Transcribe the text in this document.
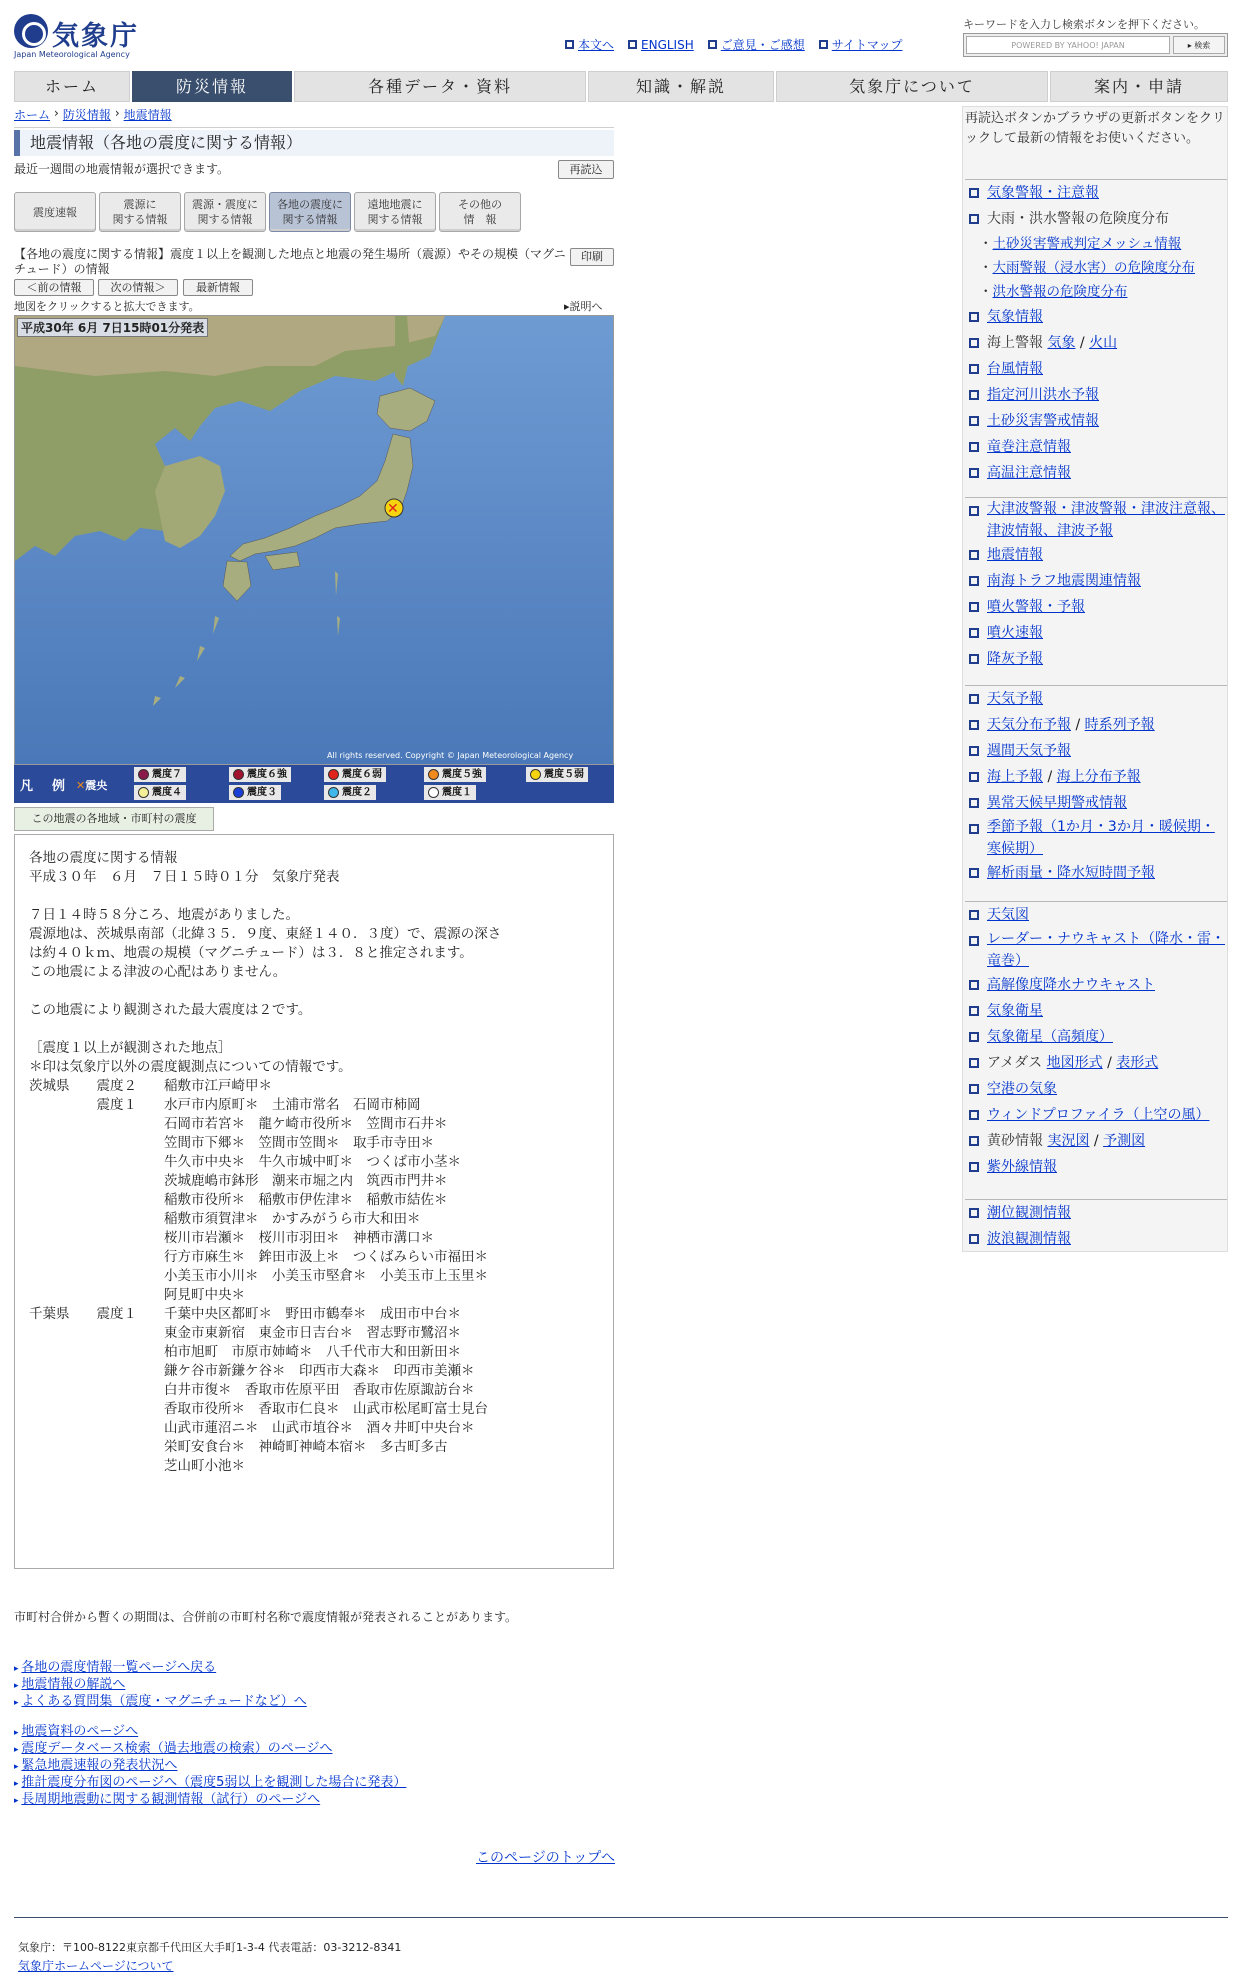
気象庁
Japan Meteorological Agency
本文へ ENGLISH ご意見・ご感想 サイトマップ
キーワードを入力し検索ボタンを押下ください。
POWERED BY YAHOO! JAPAN	▸ 検索
ホーム	防災情報	各種データ・資料	知識・解説	気象庁について	案内・申請
ホーム › 防災情報 › 地震情報
地震情報（各地の震度に関する情報）
最近一週間の地震情報が選択できます。	再読込
震度速報

震源に
関する情報
震源・震度に
関する情報
各地の震度に
関する情報
遠地地震に
関する情報
その他の
情　報
【各地の震度に関する情報】震度１以上を観測した地点と地震の発生場所（震源）やその規模（マグニチュード）の情報
印刷
＜前の情報	次の情報＞	最新情報
地図をクリックすると拡大できます。	▸説明へ
✕
All rights reserved. Copyright © Japan Meteorological Agency
平成30年 6月 7日15時01分発表
凡　例 ✕震央
震度７	震度６強	震度６弱	震度５強	震度５弱
震度４	震度３	震度２	震度１
この地震の各地域・市町村の震度
各地の震度に関する情報
平成３０年　６月　７日１５時０１分　気象庁発表

７日１４時５８分ころ、地震がありました。
震源地は、茨城県南部（北緯３５．９度、東経１４０．３度）で、震源の深さ
は約４０ｋｍ、地震の規模（マグニチュード）は３．８と推定されます。
この地震による津波の心配はありません。

この地震により観測された最大震度は２です。

［震度１以上が観測された地点］
＊印は気象庁以外の震度観測点についての情報です。
茨城県　　震度２　　稲敷市江戸崎甲＊
　　　　　震度１　　水戸市内原町＊　土浦市常名　石岡市柿岡
　　　　　　　　　　石岡市若宮＊　龍ケ崎市役所＊　笠間市石井＊
　　　　　　　　　　笠間市下郷＊　笠間市笠間＊　取手市寺田＊
　　　　　　　　　　牛久市中央＊　牛久市城中町＊　つくば市小茎＊
　　　　　　　　　　茨城鹿嶋市鉢形　潮来市堀之内　筑西市門井＊
　　　　　　　　　　稲敷市役所＊　稲敷市伊佐津＊　稲敷市結佐＊
　　　　　　　　　　稲敷市須賀津＊　かすみがうら市大和田＊
　　　　　　　　　　桜川市岩瀬＊　桜川市羽田＊　神栖市溝口＊
　　　　　　　　　　行方市麻生＊　鉾田市汲上＊　つくばみらい市福田＊
　　　　　　　　　　小美玉市小川＊　小美玉市堅倉＊　小美玉市上玉里＊
　　　　　　　　　　阿見町中央＊
千葉県　　震度１　　千葉中央区都町＊　野田市鶴奉＊　成田市中台＊
　　　　　　　　　　東金市東新宿　東金市日吉台＊　習志野市鷺沼＊
　　　　　　　　　　柏市旭町　市原市姉崎＊　八千代市大和田新田＊
　　　　　　　　　　鎌ケ谷市新鎌ケ谷＊　印西市大森＊　印西市美瀬＊
　　　　　　　　　　白井市復＊　香取市佐原平田　香取市佐原諏訪台＊
　　　　　　　　　　香取市役所＊　香取市仁良＊　山武市松尾町富士見台
　　　　　　　　　　山武市蓮沼ニ＊　山武市埴谷＊　酒々井町中央台＊
　　　　　　　　　　栄町安食台＊　神崎町神崎本宿＊　多古町多古
　　　　　　　　　　芝山町小池＊
市町村合併から暫くの期間は、合併前の市町村名称で震度情報が発表されることがあります。
▸ 各地の震度情報一覧ページへ戻る
▸ 地震情報の解説へ
▸ よくある質問集（震度・マグニチュードなど）へ
▸ 地震資料のページへ
▸ 震度データベース検索（過去地震の検索）のページへ
▸ 緊急地震速報の発表状況へ
▸ 推計震度分布図のページへ（震度5弱以上を観測した場合に発表）
▸ 長周期地震動に関する観測情報（試行）のページへ
このページのトップへ
気象庁：〒100-8122東京都千代田区大手町1-3-4 代表電話：03-3212-8341
気象庁ホームページについて
再読込ボタンかブラウザの更新ボタンをクリックして最新の情報をお使いください。
気象警報・注意報
大雨・洪水警報の危険度分布
・ 土砂災害警戒判定メッシュ情報
・ 大雨警報（浸水害）の危険度分布
・ 洪水警報の危険度分布
気象情報
海上警報
気象 / 火山
台風情報
指定河川洪水予報
土砂災害警戒情報
竜巻注意情報
高温注意情報
大津波警報・津波警報・津波注意報、津波情報、津波予報
地震情報
南海トラフ地震関連情報
噴火警報・予報
噴火速報
降灰予報
天気予報
天気分布予報 / 時系列予報
週間天気予報
海上予報 / 海上分布予報
異常天候早期警戒情報
季節予報（1か月・3か月・暖候期・寒候期）
解析雨量・降水短時間予報
天気図
レーダー・ナウキャスト（降水・雷・竜巻）
高解像度降水ナウキャスト
気象衛星
気象衛星（高頻度）
アメダス
地図形式 / 表形式
空港の気象
ウィンドプロファイラ（上空の風）
黄砂情報
実況図 / 予測図
紫外線情報
潮位観測情報
波浪観測情報
